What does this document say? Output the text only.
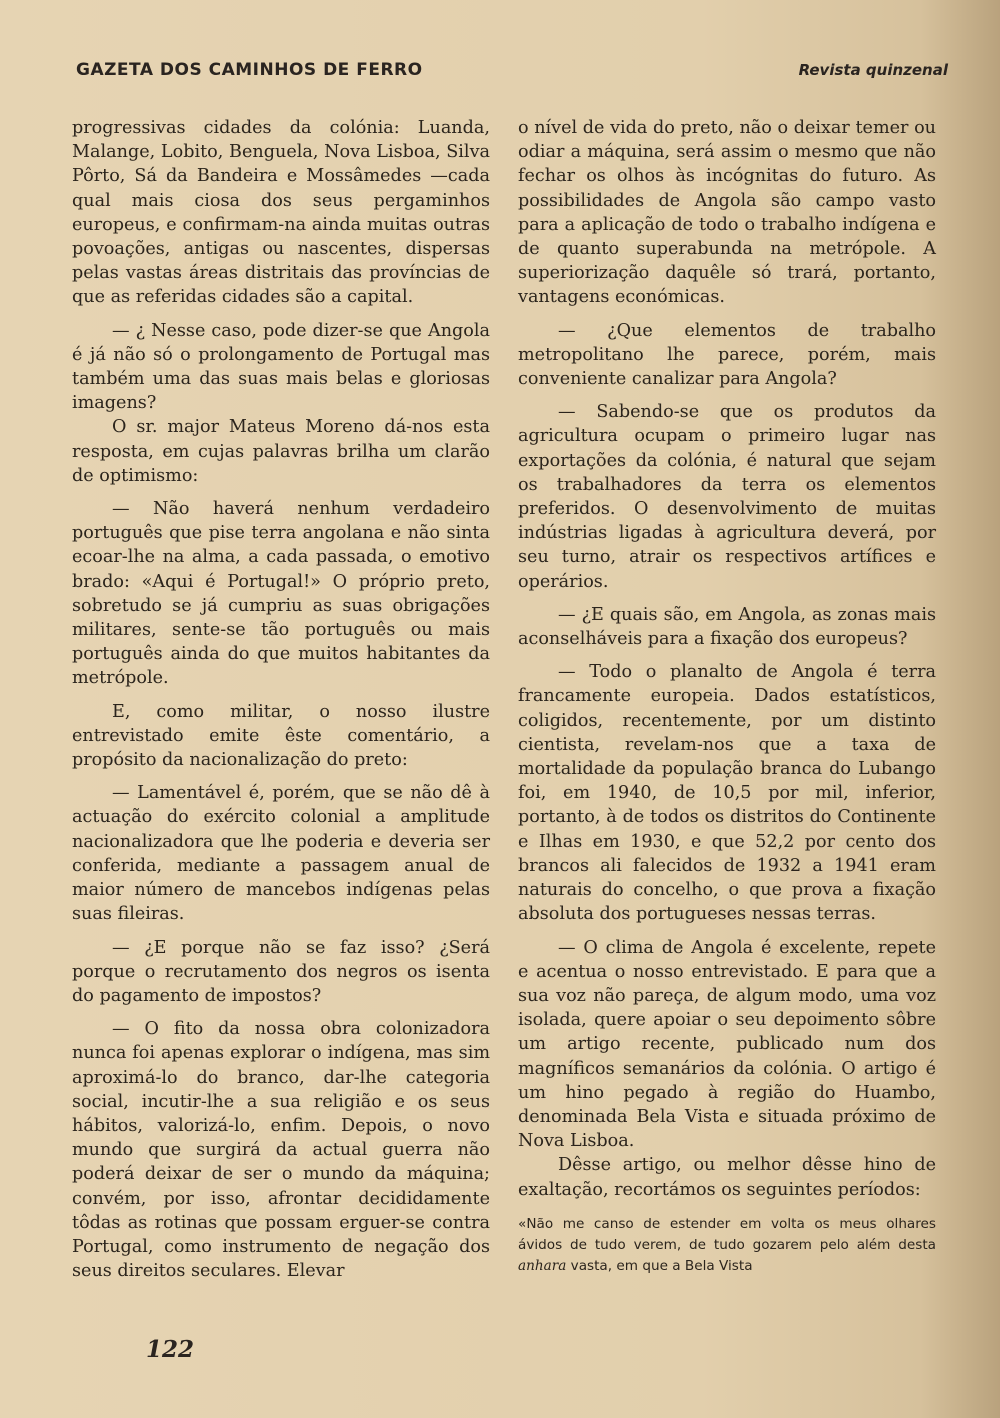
GAZETA DOS CAMINHOS DE FERRO	Revista quinzenal

progressivas cidades da colónia: Luanda, Malange, Lobito, Benguela, Nova Lisboa, Silva Pôrto, Sá da Bandeira e Mossâmedes —cada qual mais ciosa dos seus pergaminhos europeus, e confirmam-na ainda muitas outras povoações, antigas ou nascentes, dispersas pelas vastas áreas distritais das províncias de que as referidas cidades são a capital.

— ¿ Nesse caso, pode dizer-se que Angola é já não só o prolongamento de Portugal mas também uma das suas mais belas e gloriosas imagens?

O sr. major Mateus Moreno dá-nos esta resposta, em cujas palavras brilha um clarão de optimismo:

— Não haverá nenhum verdadeiro português que pise terra angolana e não sinta ecoar-lhe na alma, a cada passada, o emotivo brado: «Aqui é Portugal!» O próprio preto, sobretudo se já cumpriu as suas obrigações militares, sente-se tão português ou mais português ainda do que muitos habitantes da metrópole.

E, como militar, o nosso ilustre entrevistado emite êste comentário, a propósito da nacionalização do preto:

— Lamentável é, porém, que se não dê à actuação do exército colonial a amplitude nacionalizadora que lhe poderia e deveria ser conferida, mediante a passagem anual de maior número de mancebos indígenas pelas suas fileiras.

— ¿E porque não se faz isso? ¿Será porque o recrutamento dos negros os isenta do pagamento de impostos?

— O fito da nossa obra colonizadora nunca foi apenas explorar o indígena, mas sim aproximá-lo do branco, dar-lhe categoria social, incutir-lhe a sua religião e os seus hábitos, valorizá-lo, enfim. Depois, o novo mundo que surgirá da actual guerra não poderá deixar de ser o mundo da máquina; convém, por isso, afrontar decididamente tôdas as rotinas que possam erguer-se contra Portugal, como instrumento de negação dos seus direitos seculares. Elevar

o nível de vida do preto, não o deixar temer ou odiar a máquina, será assim o mesmo que não fechar os olhos às incógnitas do futuro. As possibilidades de Angola são campo vasto para a aplicação de todo o trabalho indígena e de quanto superabunda na metrópole. A superiorização daquêle só trará, portanto, vantagens económicas.

— ¿Que elementos de trabalho metropolitano lhe parece, porém, mais conveniente canalizar para Angola?

— Sabendo-se que os produtos da agricultura ocupam o primeiro lugar nas exportações da colónia, é natural que sejam os trabalhadores da terra os elementos preferidos. O desenvolvimento de muitas indústrias ligadas à agricultura deverá, por seu turno, atrair os respectivos artífices e operários.

— ¿E quais são, em Angola, as zonas mais aconselháveis para a fixação dos europeus?

— Todo o planalto de Angola é terra francamente europeia. Dados estatísticos, coligidos, recentemente, por um distinto cientista, revelam-nos que a taxa de mortalidade da população branca do Lubango foi, em 1940, de 10,5 por mil, inferior, portanto, à de todos os distritos do Continente e Ilhas em 1930, e que 52,2 por cento dos brancos ali falecidos de 1932 a 1941 eram naturais do concelho, o que prova a fixação absoluta dos portugueses nessas terras.

— O clima de Angola é excelente, repete e acentua o nosso entrevistado. E para que a sua voz não pareça, de algum modo, uma voz isolada, quere apoiar o seu depoimento sôbre um artigo recente, publicado num dos magníficos semanários da colónia. O artigo é um hino pegado à região do Huambo, denominada Bela Vista e situada próximo de Nova Lisboa.

Dêsse artigo, ou melhor dêsse hino de exaltação, recortámos os seguintes períodos:

«Não me canso de estender em volta os meus olhares ávidos de tudo verem, de tudo gozarem pelo além desta anhara vasta, em que a Bela Vista

122
